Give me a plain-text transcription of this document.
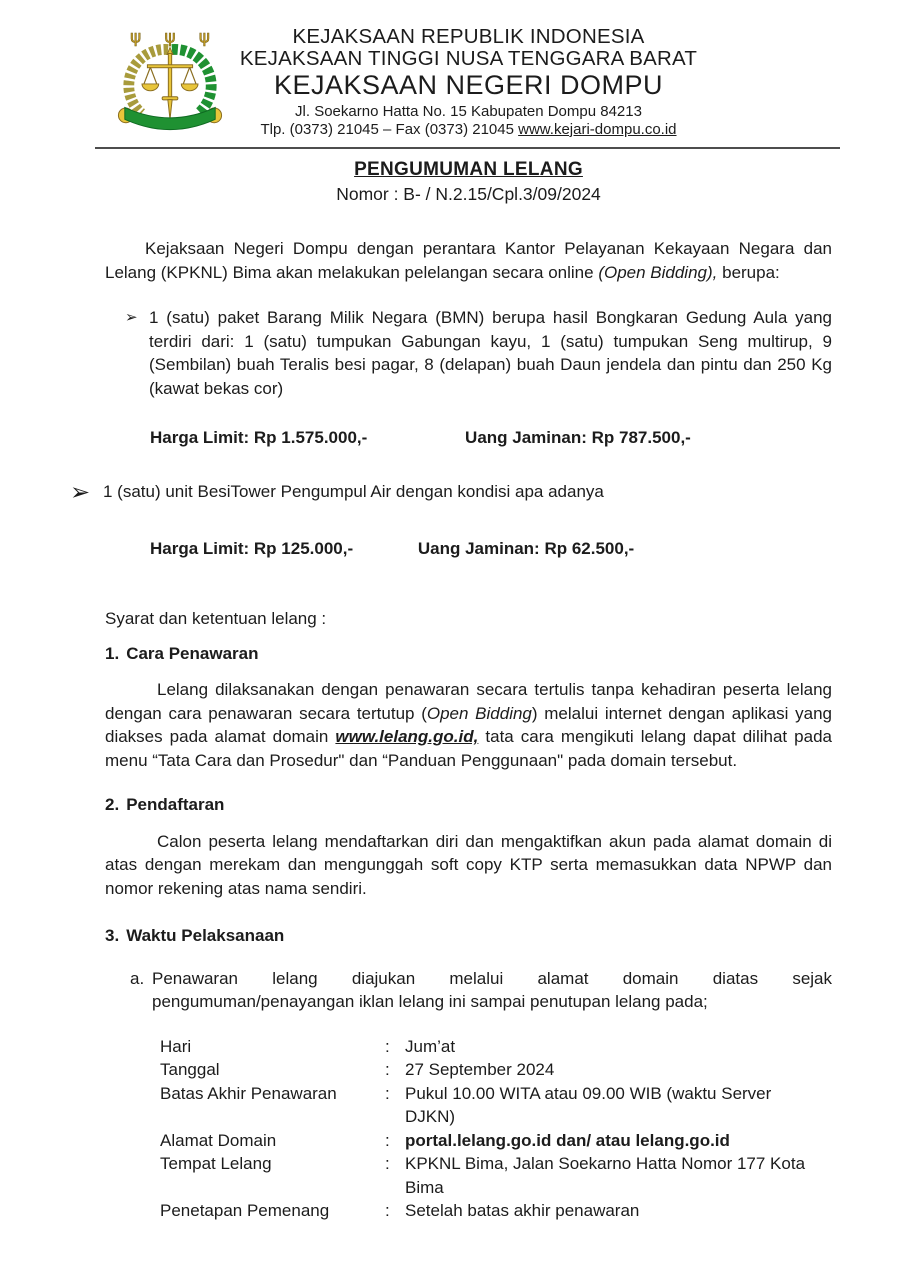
ψ ψ ψ	KEJAKSAAN REPUBLIK INDONESIA
KEJAKSAAN TINGGI NUSA TENGGARA BARAT
KEJAKSAAN NEGERI DOMPU
Jl. Soekarno Hatta No. 15 Kabupaten Dompu 84213
Tlp. (0373) 21045 – Fax (0373) 21045 www.kejari-dompu.co.id
PENGUMUMAN LELANG
Nomor : B- / N.2.15/Cpl.3/09/2024

Kejaksaan Negeri Dompu dengan perantara Kantor Pelayanan Kekayaan Negara dan Lelang (KPKNL) Bima akan melakukan pelelangan secara online (Open Bidding), berupa:

➢ 1 (satu) paket Barang Milik Negara (BMN) berupa hasil Bongkaran Gedung Aula yang terdiri dari: 1 (satu) tumpukan Gabungan kayu, 1 (satu) tumpukan Seng multirup, 9 (Sembilan) buah Teralis besi pagar, 8 (delapan) buah Daun jendela dan pintu dan 250 Kg (kawat bekas cor)
Harga Limit: Rp 1.575.000,-	Uang Jaminan: Rp 787.500,-
➢ 1 (satu) unit BesiTower Pengumpul Air dengan kondisi apa adanya
Harga Limit: Rp 125.000,-	Uang Jaminan: Rp 62.500,-
Syarat dan ketentuan lelang :
1. Cara Penawaran

Lelang dilaksanakan dengan penawaran secara tertulis tanpa kehadiran peserta lelang dengan cara penawaran secara tertutup (Open Bidding) melalui internet dengan aplikasi yang diakses pada alamat domain www.lelang.go.id, tata cara mengikuti lelang dapat dilihat pada menu “Tata Cara dan Prosedur" dan “Panduan Penggunaan" pada domain tersebut.

2. Pendaftaran

Calon peserta lelang mendaftarkan diri dan mengaktifkan akun pada alamat domain di atas dengan merekam dan mengunggah soft copy KTP serta memasukkan data NPWP dan nomor rekening atas nama sendiri.

3. Waktu Pelaksanaan
a. Penawaran lelang diajukan melalui alamat domain diatas sejak
pengumuman/penayangan iklan lelang ini sampai penutupan lelang pada;
Hari	: Jum’at
Tanggal	: 27 September 2024
Batas Akhir Penawaran	: Pukul 10.00 WITA atau 09.00 WIB (waktu Server DJKN)
Alamat Domain	: portal.lelang.go.id dan/ atau lelang.go.id
Tempat Lelang	: KPKNL Bima, Jalan Soekarno Hatta Nomor 177 Kota Bima
Penetapan Pemenang	: Setelah batas akhir penawaran
